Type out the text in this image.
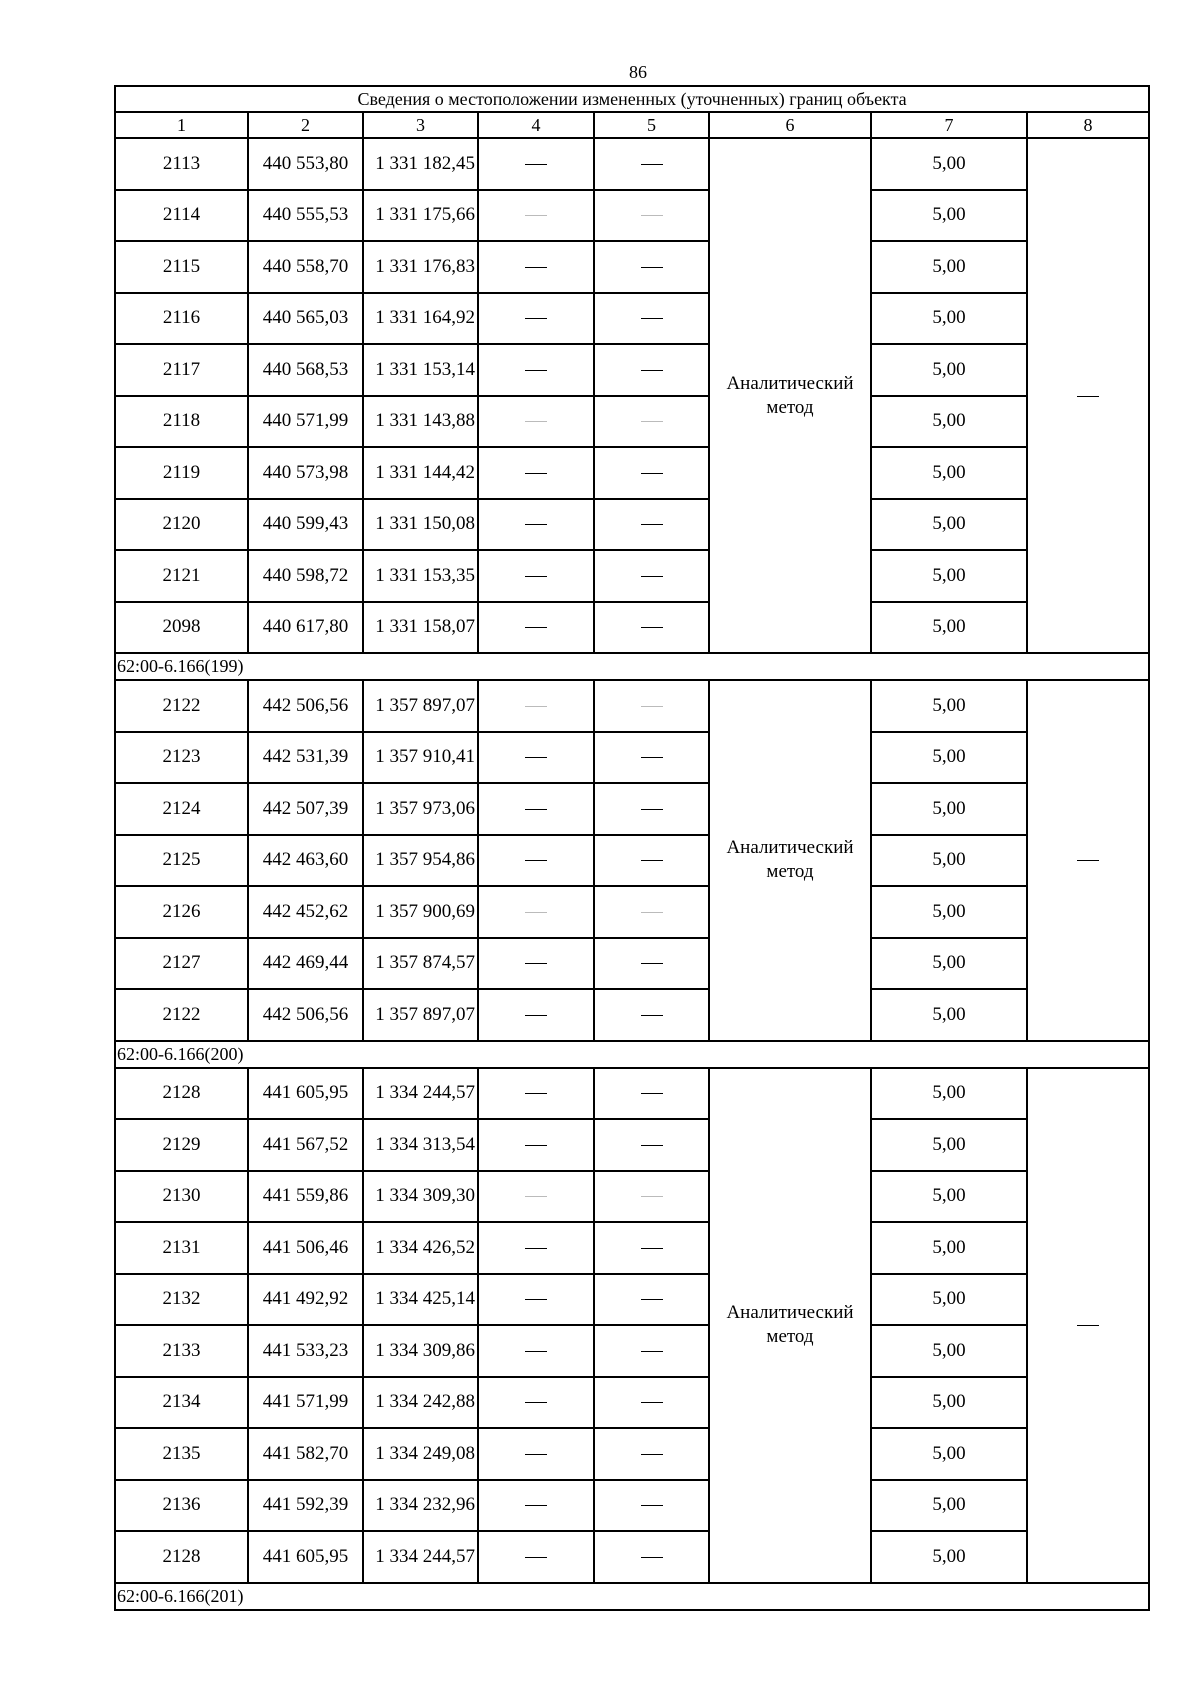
86
Сведения о местоположении измененных (уточненных) границ объекта							
1	2	3	4	5	6	7	8
2113	440 553,80	1 331 182,45			Аналитический метод	5,00	
2114	440 555,53	1 331 175,66				5,00	
2115	440 558,70	1 331 176,83				5,00	
2116	440 565,03	1 331 164,92				5,00	
2117	440 568,53	1 331 153,14				5,00	
2118	440 571,99	1 331 143,88				5,00	
2119	440 573,98	1 331 144,42				5,00	
2120	440 599,43	1 331 150,08				5,00	
2121	440 598,72	1 331 153,35				5,00	
2098	440 617,80	1 331 158,07				5,00	
62:00-6.166(199)							
2122	442 506,56	1 357 897,07			Аналитический метод	5,00	
2123	442 531,39	1 357 910,41				5,00	
2124	442 507,39	1 357 973,06				5,00	
2125	442 463,60	1 357 954,86				5,00	
2126	442 452,62	1 357 900,69				5,00	
2127	442 469,44	1 357 874,57				5,00	
2122	442 506,56	1 357 897,07				5,00	
62:00-6.166(200)							
2128	441 605,95	1 334 244,57			Аналитический метод	5,00	
2129	441 567,52	1 334 313,54				5,00	
2130	441 559,86	1 334 309,30				5,00	
2131	441 506,46	1 334 426,52				5,00	
2132	441 492,92	1 334 425,14				5,00	
2133	441 533,23	1 334 309,86				5,00	
2134	441 571,99	1 334 242,88				5,00	
2135	441 582,70	1 334 249,08				5,00	
2136	441 592,39	1 334 232,96				5,00	
2128	441 605,95	1 334 244,57				5,00	
62:00-6.166(201)							
